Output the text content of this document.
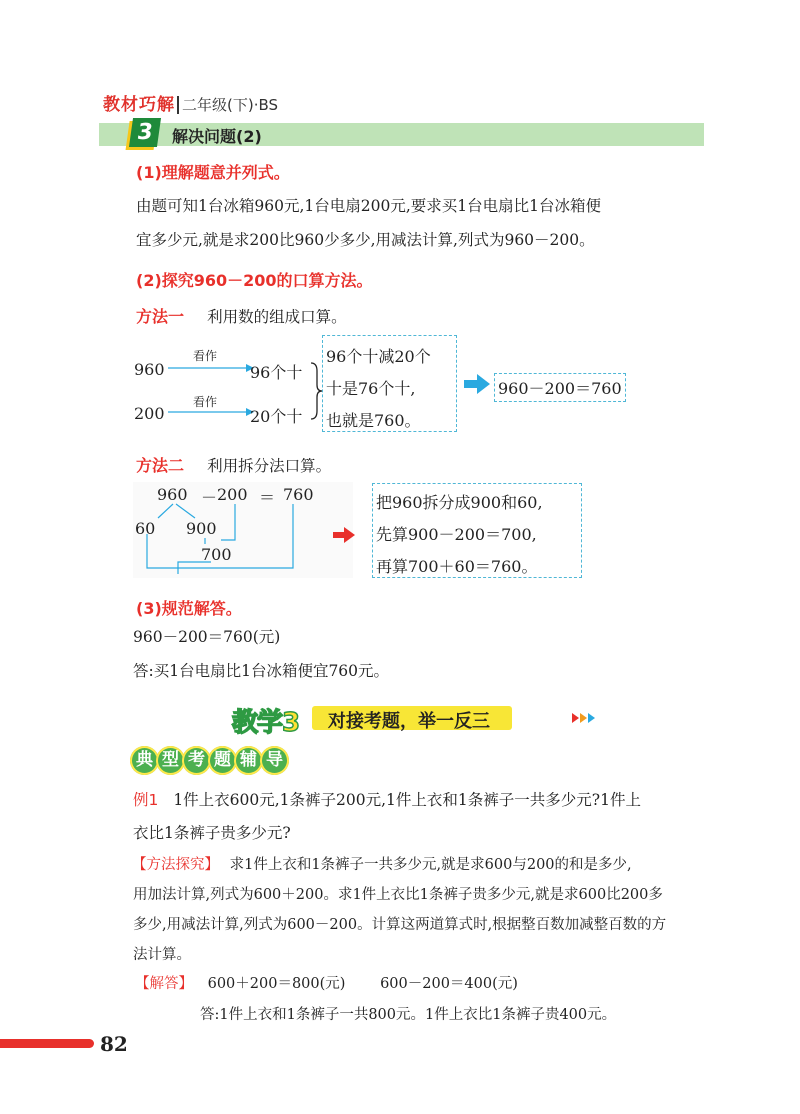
教材巧解 二年级(下)·BS
3	解决问题(2)
(1)理解题意并列式。
由题可知1台冰箱960元,1台电扇200元,要求买1台电扇比1台冰箱便
宜多少元,就是求200比960少多少,用减法计算,列式为960－200。
(2)探究960－200的口算方法。
方法一 利用数的组成口算。
960
200
看作
看作
96个十
20个十
96个十减20个
十是76个十,
也就是760。
960－200＝760
方法二 利用拆分法口算。
960 － 200 ＝ 760
60 900
700
把960拆分成900和60,
先算900－200＝700,
再算700＋60＝760。
(3)规范解答。
960－200＝760(元)
答:买1台电扇比1台冰箱便宜760元。
教学3 对接考题，举一反三
典 型 考 题 辅 导
例1 1件上衣600元,1条裤子200元,1件上衣和1条裤子一共多少元?1件上
衣比1条裤子贵多少元?
【方法探究】 求1件上衣和1条裤子一共多少元,就是求600与200的和是多少,
用加法计算,列式为600＋200。求1件上衣比1条裤子贵多少元,就是求600比200多
多少,用减法计算,列式为600－200。计算这两道算式时,根据整百数加减整百数的方
法计算。
【解答】 600＋200＝800(元) 600－200＝400(元)
答:1件上衣和1条裤子一共800元。1件上衣比1条裤子贵400元。
82
